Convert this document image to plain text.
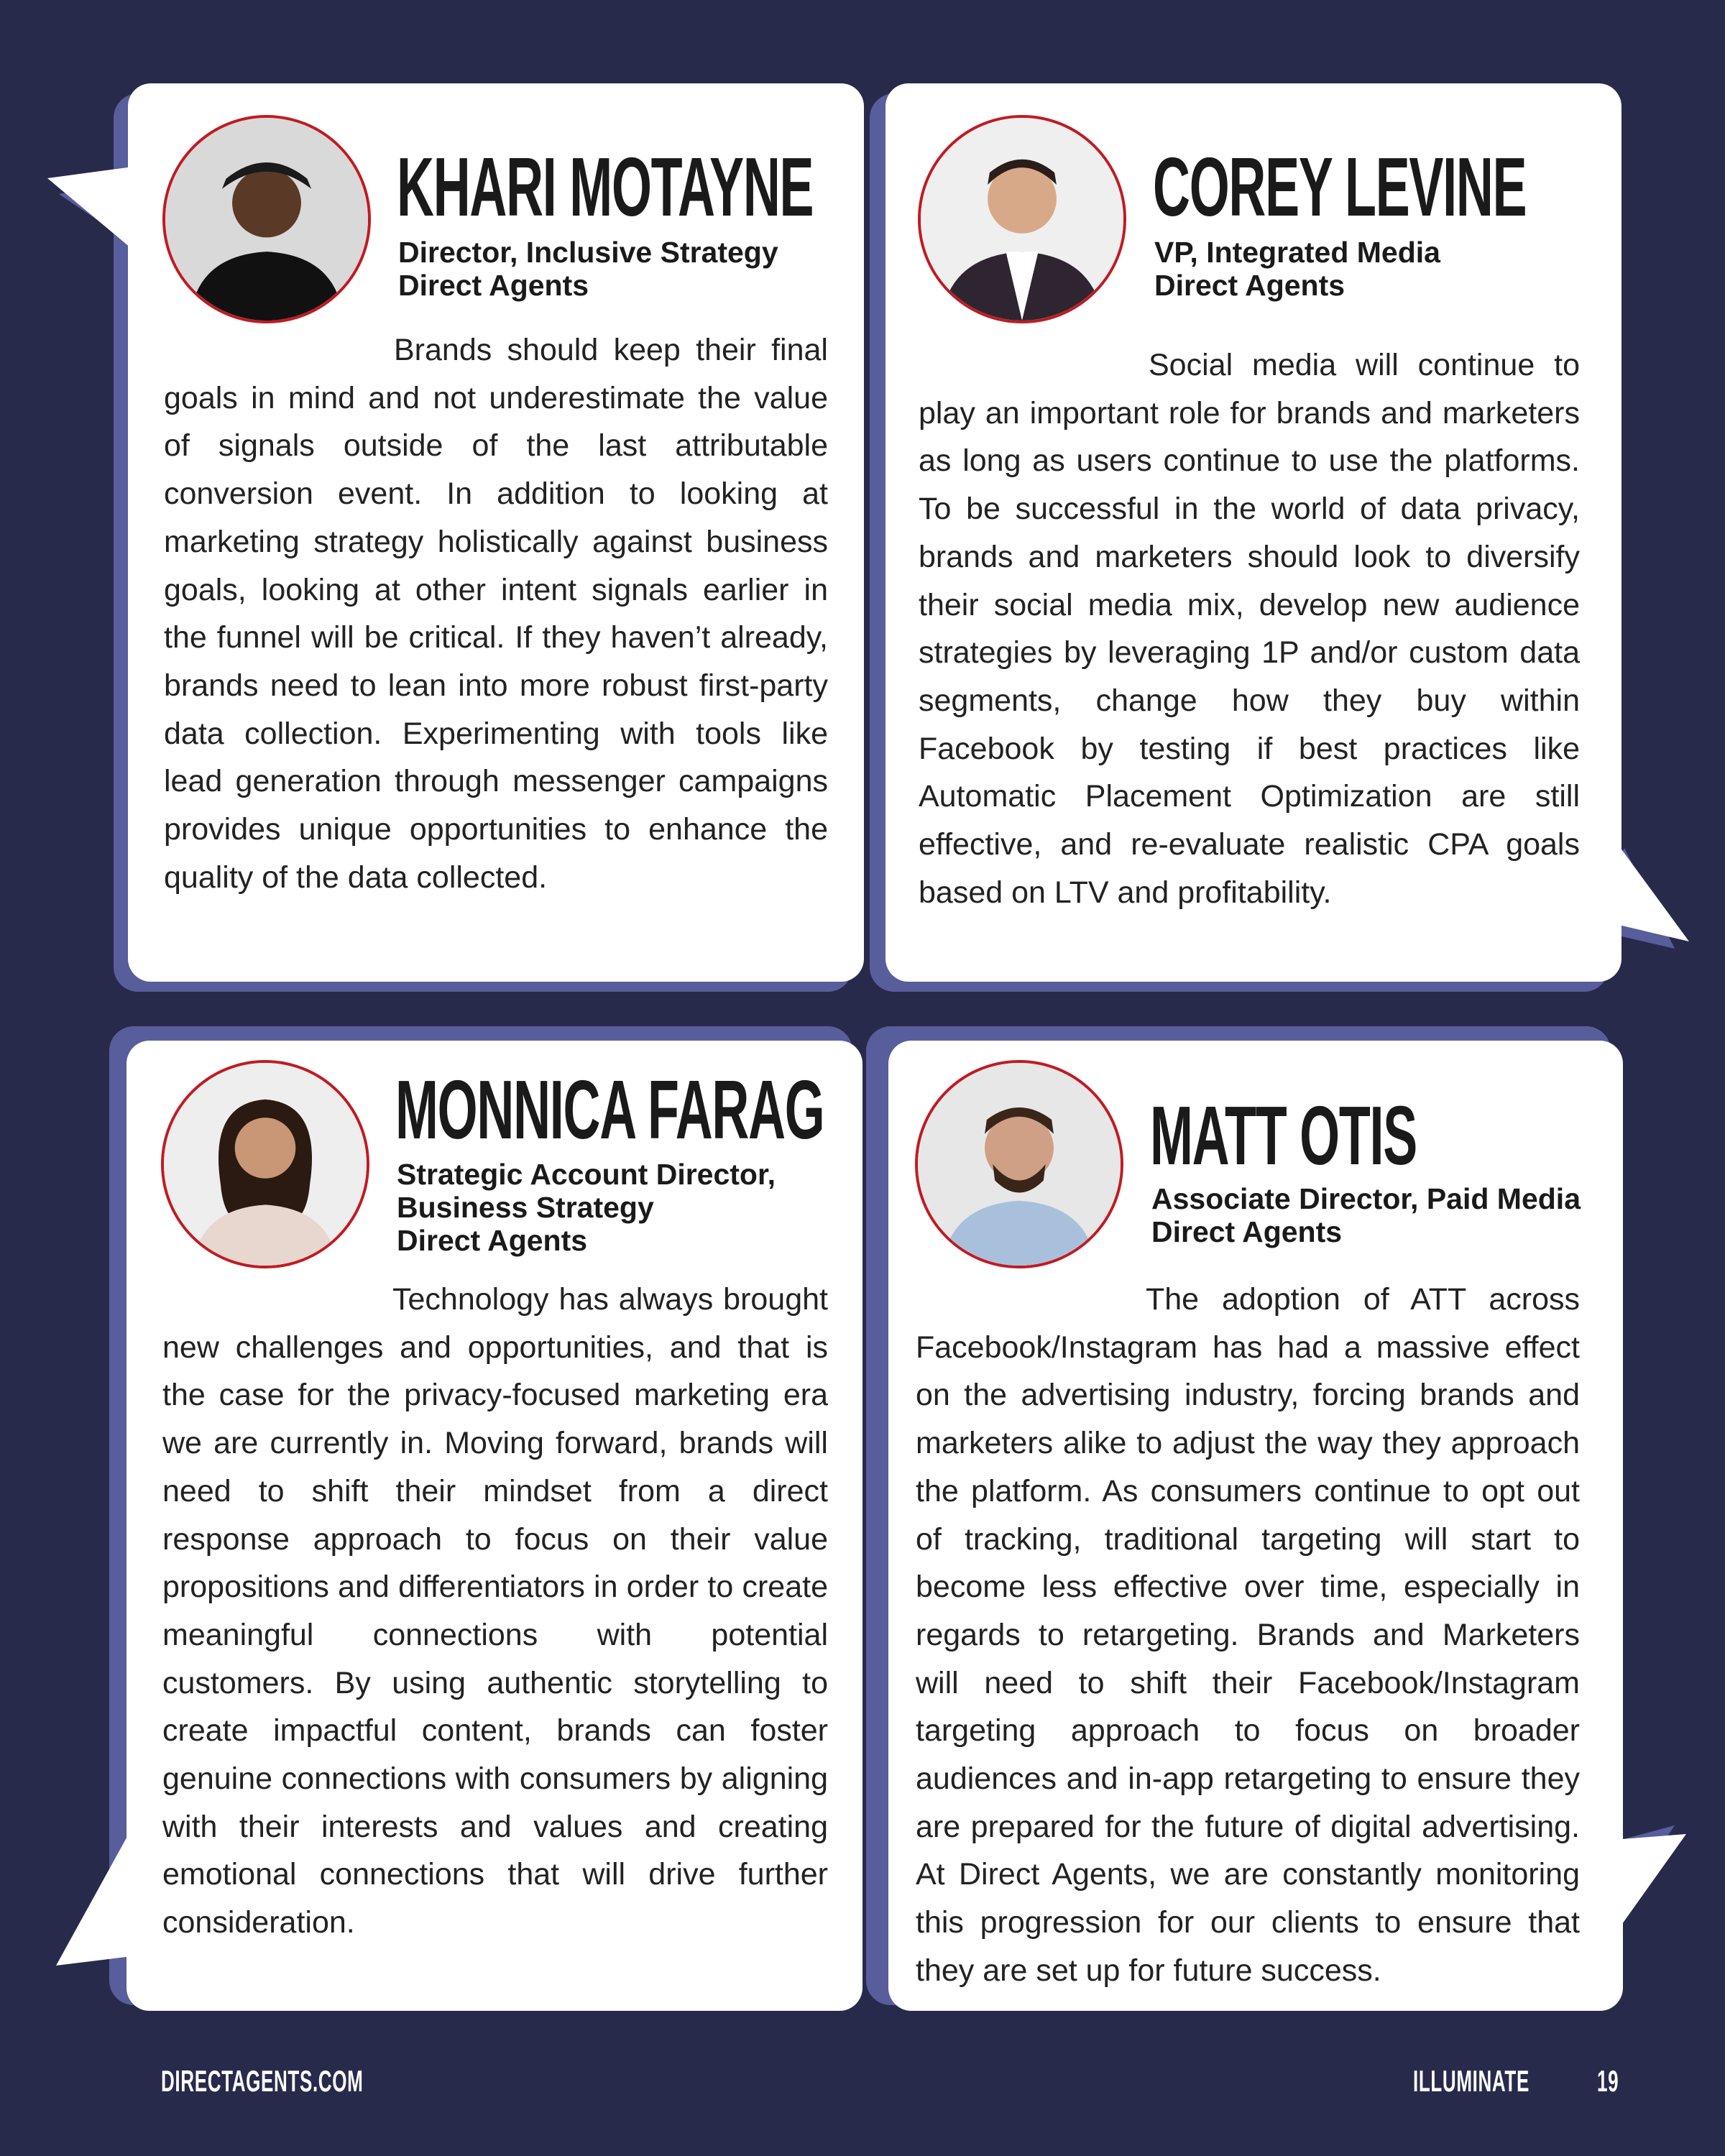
KHARI MOTAYNE
Director, Inclusive Strategy
Direct Agents

Brands should keep their final goals in mind and not underestimate the value of signals outside of the last attributable conversion event. In addition to looking at marketing strategy holistically against business goals, looking at other intent signals earlier in the funnel will be critical. If they haven’t already, brands need to lean into more robust first-party data collection. Experimenting with tools like lead generation through messenger campaigns provides unique opportunities to enhance the quality of the data collected.

COREY LEVINE
VP, Integrated Media
Direct Agents

Social media will continue to play an important role for brands and marketers as long as users continue to use the platforms. To be successful in the world of data privacy, brands and marketers should look to diversify their social media mix, develop new audience strategies by leveraging 1P and/or custom data segments, change how they buy within Facebook by testing if best practices like Automatic Placement Optimization are still effective, and re-evaluate realistic CPA goals based on LTV and profitability.

MONNICA FARAG
Strategic Account Director,
Business Strategy
Direct Agents

Technology has always brought new challenges and opportunities, and that is the case for the privacy-focused marketing era we are currently in. Moving forward, brands will need to shift their mindset from a direct response approach to focus on their value propositions and differentiators in order to create meaningful connections with potential customers. By using authentic storytelling to create impactful content, brands can foster genuine connections with consumers by aligning with their interests and values and creating emotional connections that will drive further consideration.

MATT OTIS
Associate Director, Paid Media
Direct Agents

The adoption of ATT across Facebook/Instagram has had a massive effect on the advertising industry, forcing brands and marketers alike to adjust the way they approach the platform. As consumers continue to opt out of tracking, traditional targeting will start to become less effective over time, especially in regards to retargeting. Brands and Marketers will need to shift their Facebook/Instagram targeting approach to focus on broader audiences and in-app retargeting to ensure they are prepared for the future of digital advertising. At Direct Agents, we are constantly monitoring this progression for our clients to ensure that they are set up for future success.

DIRECTAGENTS.COM	ILLUMINATE 19
